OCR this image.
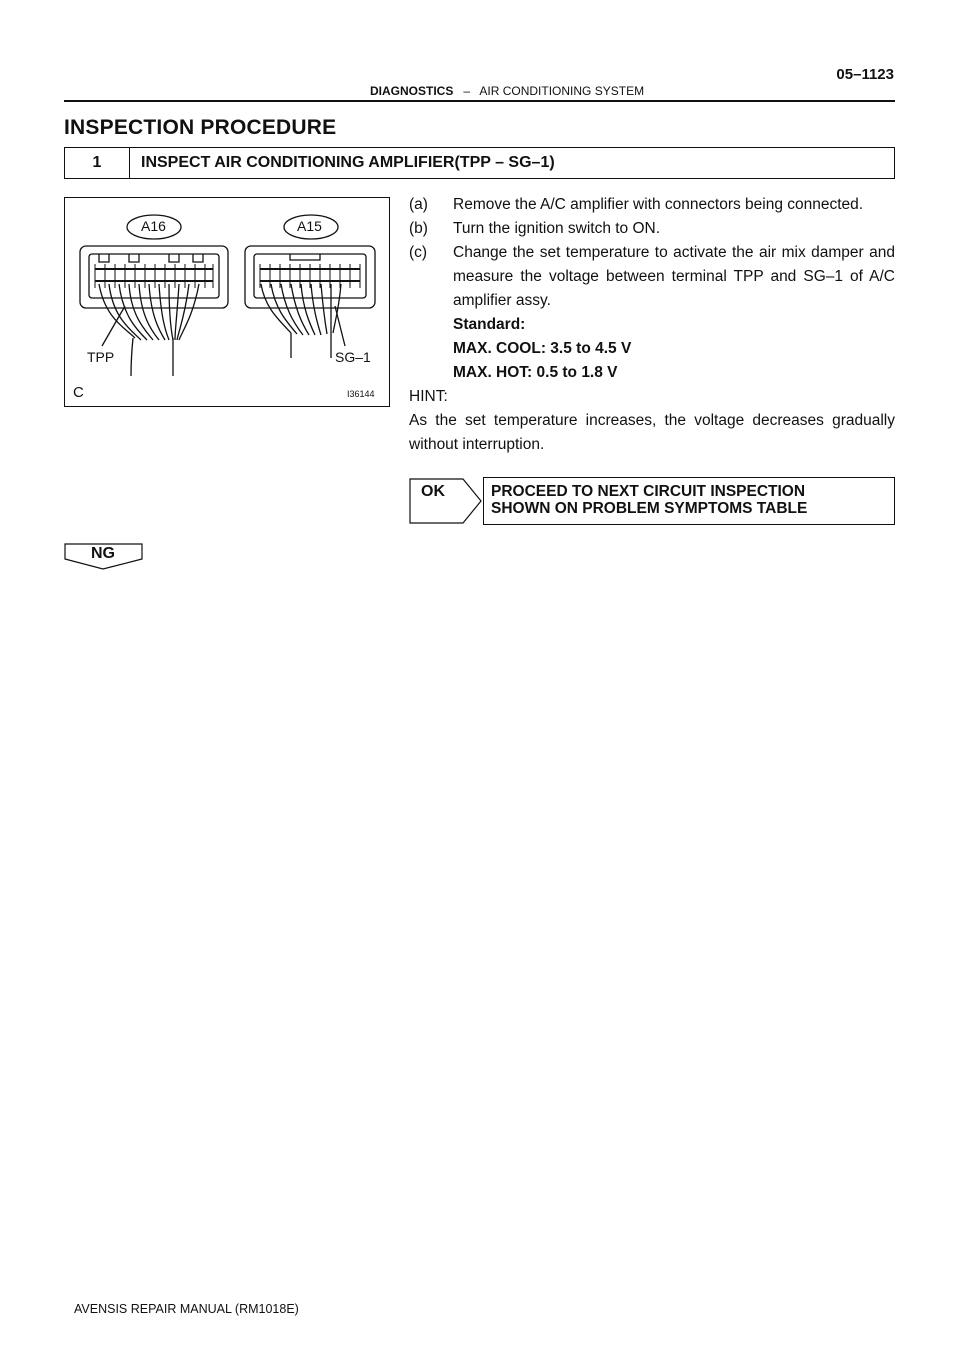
DIAGNOSTICS – AIR CONDITIONING SYSTEM
05–1123
INSPECTION PROCEDURE
1	INSPECT AIR CONDITIONING AMPLIFIER(TPP – SG–1)
A16	A15
TPP	SG–1
C	I36144
(a) Remove the A/C amplifier with connectors being connected.
(b) Turn the ignition switch to ON.
(c) Change the set temperature to activate the air mix damper and measure the voltage between terminal TPP and SG–1 of A/C amplifier assy.
Standard:
MAX. COOL: 3.5 to 4.5 V
MAX. HOT: 0.5 to 1.8 V
HINT:
As the set temperature increases, the voltage decreases gradually without interruption.
OK	PROCEED TO NEXT CIRCUIT INSPECTION
SHOWN ON PROBLEM SYMPTOMS TABLE
NG
AVENSIS REPAIR MANUAL (RM1018E)
